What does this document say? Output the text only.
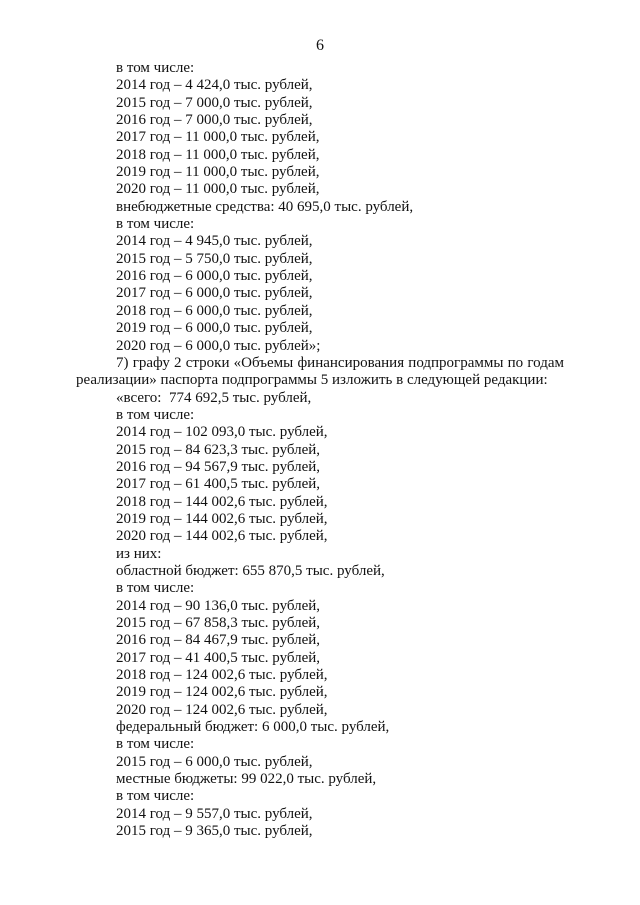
6
в том числе:
2014 год – 4 424,0 тыс. рублей,
2015 год – 7 000,0 тыс. рублей,
2016 год – 7 000,0 тыс. рублей,
2017 год – 11 000,0 тыс. рублей,
2018 год – 11 000,0 тыс. рублей,
2019 год – 11 000,0 тыс. рублей,
2020 год – 11 000,0 тыс. рублей,
внебюджетные средства: 40 695,0 тыс. рублей,
в том числе:
2014 год – 4 945,0 тыс. рублей,
2015 год – 5 750,0 тыс. рублей,
2016 год – 6 000,0 тыс. рублей,
2017 год – 6 000,0 тыс. рублей,
2018 год – 6 000,0 тыс. рублей,
2019 год – 6 000,0 тыс. рублей,
2020 год – 6 000,0 тыс. рублей»;
7) графу 2 строки «Объемы финансирования подпрограммы по годам реализации» паспорта подпрограммы 5 изложить в следующей редакции:
«всего:  774 692,5 тыс. рублей,
в том числе:
2014 год – 102 093,0 тыс. рублей,
2015 год – 84 623,3 тыс. рублей,
2016 год – 94 567,9 тыс. рублей,
2017 год – 61 400,5 тыс. рублей,
2018 год – 144 002,6 тыс. рублей,
2019 год – 144 002,6 тыс. рублей,
2020 год – 144 002,6 тыс. рублей,
из них:
областной бюджет: 655 870,5 тыс. рублей,
в том числе:
2014 год – 90 136,0 тыс. рублей,
2015 год – 67 858,3 тыс. рублей,
2016 год – 84 467,9 тыс. рублей,
2017 год – 41 400,5 тыс. рублей,
2018 год – 124 002,6 тыс. рублей,
2019 год – 124 002,6 тыс. рублей,
2020 год – 124 002,6 тыс. рублей,
федеральный бюджет: 6 000,0 тыс. рублей,
в том числе:
2015 год – 6 000,0 тыс. рублей,
местные бюджеты: 99 022,0 тыс. рублей,
в том числе:
2014 год – 9 557,0 тыс. рублей,
2015 год – 9 365,0 тыс. рублей,
